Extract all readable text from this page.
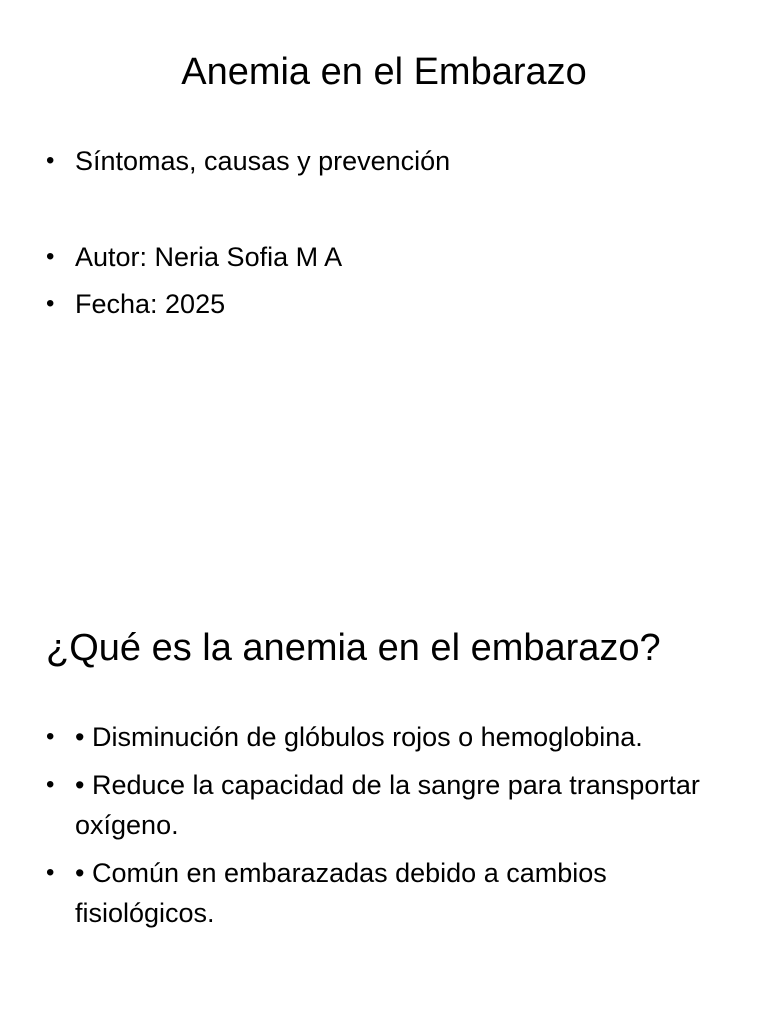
Anemia en el Embarazo
• Síntomas, causas y prevención
• Autor: Neria Sofia M A
• Fecha: 2025
¿Qué es la anemia en el embarazo?
• • Disminución de glóbulos rojos o hemoglobina.
• • Reduce la capacidad de la sangre para transportar oxígeno.
• • Común en embarazadas debido a cambios fisiológicos.
